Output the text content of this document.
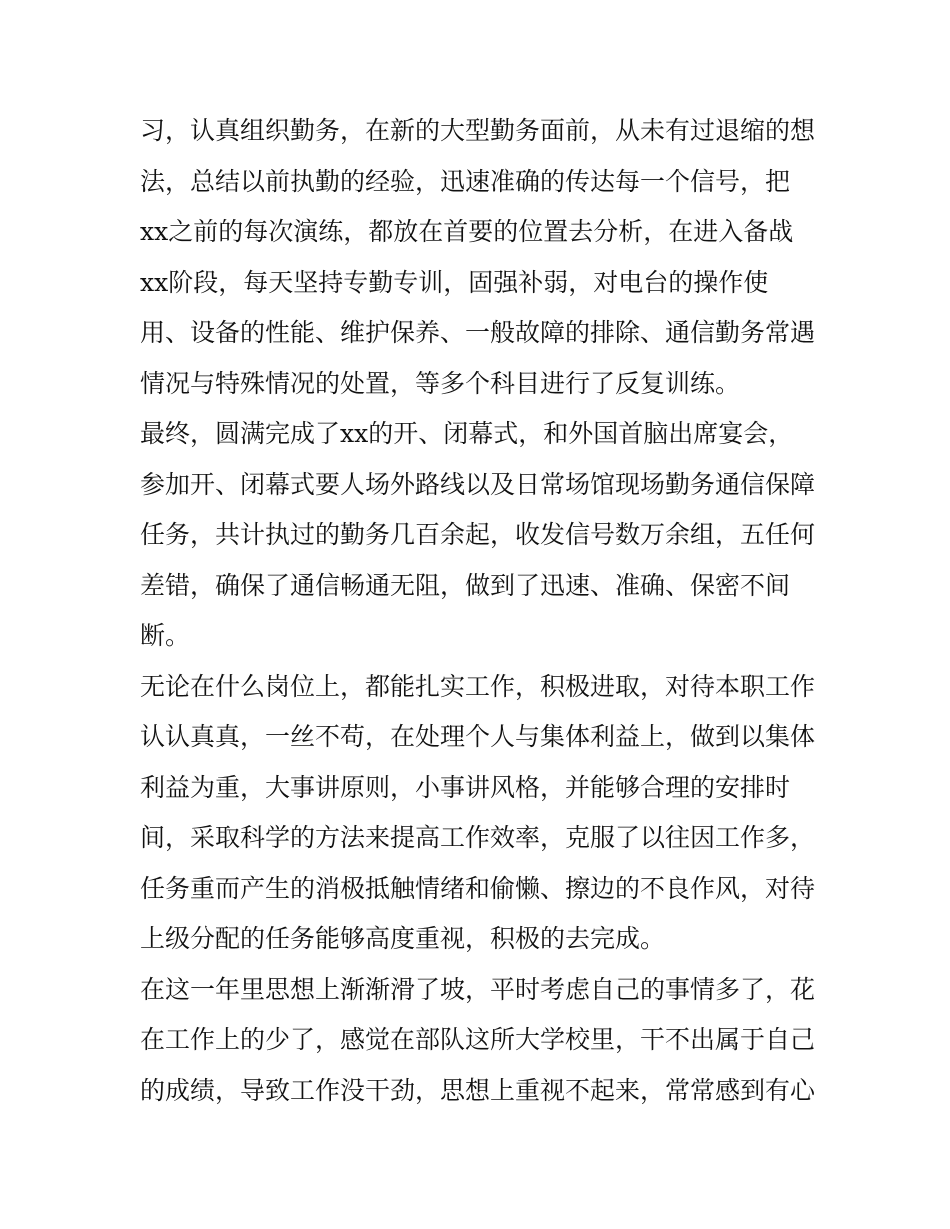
习，认真组织勤务，在新的大型勤务面前，从未有过退缩的想
法，总结以前执勤的经验，迅速准确的传达每一个信号，把
xx之前的每次演练，都放在首要的位置去分析，在进入备战
xx阶段，每天坚持专勤专训，固强补弱，对电台的操作使
用、设备的性能、维护保养、一般故障的排除、通信勤务常遇
情况与特殊情况的处置，等多个科目进行了反复训练。
最终，圆满完成了xx的开、闭幕式，和外国首脑出席宴会，
参加开、闭幕式要人场外路线以及日常场馆现场勤务通信保障
任务，共计执过的勤务几百余起，收发信号数万余组，五任何
差错，确保了通信畅通无阻，做到了迅速、准确、保密不间
断。
无论在什么岗位上，都能扎实工作，积极进取，对待本职工作
认认真真，一丝不苟，在处理个人与集体利益上，做到以集体
利益为重，大事讲原则，小事讲风格，并能够合理的安排时
间，采取科学的方法来提高工作效率，克服了以往因工作多，
任务重而产生的消极抵触情绪和偷懒、擦边的不良作风，对待
上级分配的任务能够高度重视，积极的去完成。
在这一年里思想上渐渐滑了坡，平时考虑自己的事情多了，花
在工作上的少了，感觉在部队这所大学校里，干不出属于自己
的成绩，导致工作没干劲，思想上重视不起来，常常感到有心
